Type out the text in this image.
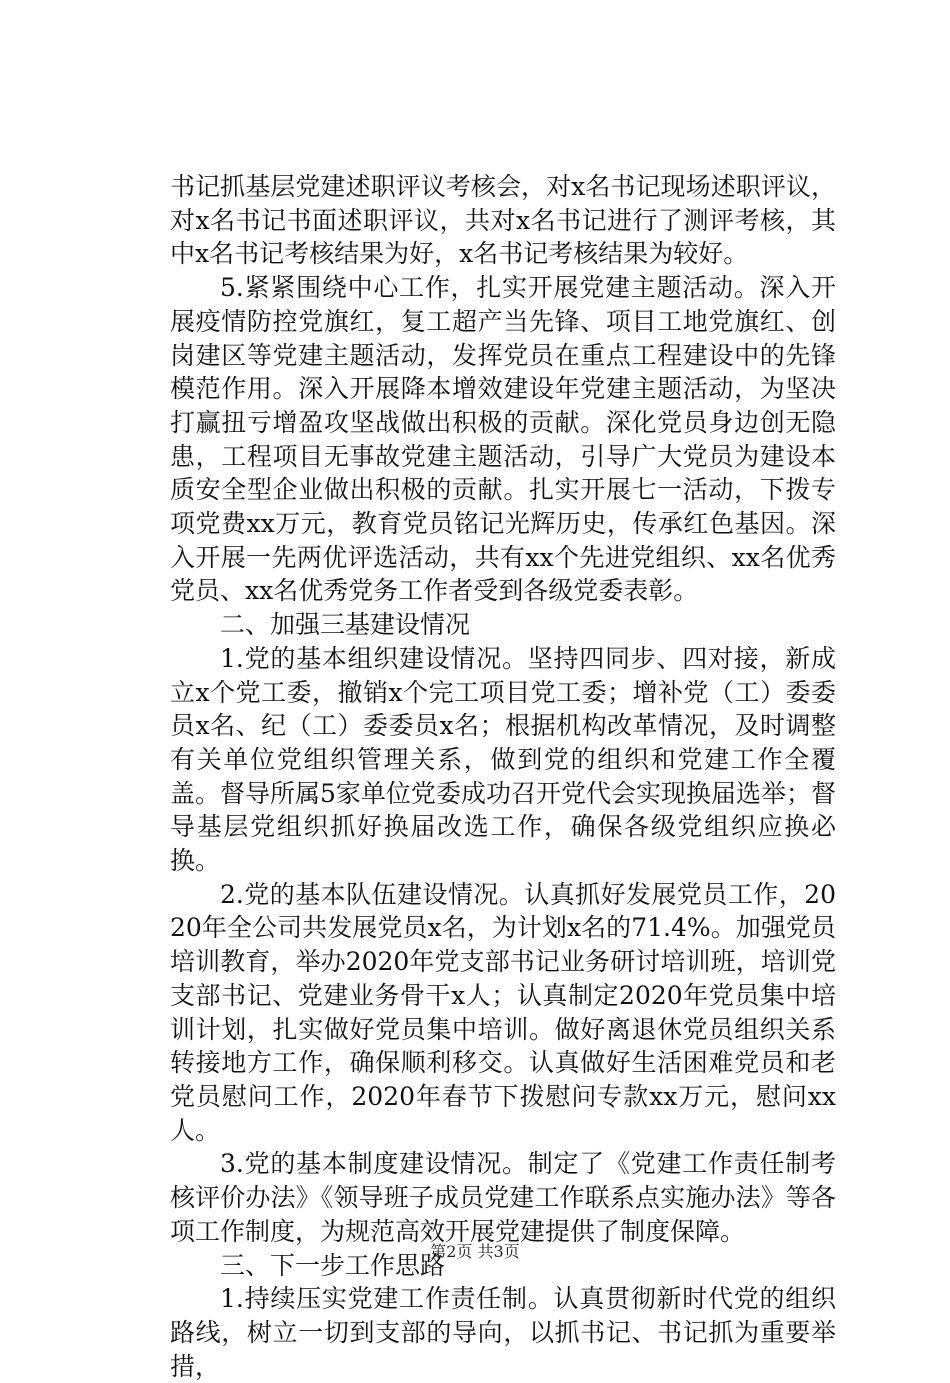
书记抓基层党建述职评议考核会，对x名书记现场述职评议，对x名书记书面述职评议，共对x名书记进行了测评考核，其中x名书记考核结果为好，x名书记考核结果为较好。

5.紧紧围绕中心工作，扎实开展党建主题活动。深入开展疫情防控党旗红，复工超产当先锋、项目工地党旗红、创岗建区等党建主题活动，发挥党员在重点工程建设中的先锋模范作用。深入开展降本增效建设年党建主题活动，为坚决打赢扭亏增盈攻坚战做出积极的贡献。深化党员身边创无隐患，工程项目无事故党建主题活动，引导广大党员为建设本质安全型企业做出积极的贡献。扎实开展七一活动，下拨专项党费xx万元，教育党员铭记光辉历史，传承红色基因。深入开展一先两优评选活动，共有xx个先进党组织、xx名优秀党员、xx名优秀党务工作者受到各级党委表彰。

二、加强三基建设情况

1.党的基本组织建设情况。坚持四同步、四对接，新成立x个党工委，撤销x个完工项目党工委；增补党（工）委委员x名、纪（工）委委员x名；根据机构改革情况，及时调整有关单位党组织管理关系，做到党的组织和党建工作全覆盖。督导所属5家单位党委成功召开党代会实现换届选举；督导基层党组织抓好换届改选工作，确保各级党组织应换必换。

2.党的基本队伍建设情况。认真抓好发展党员工作，2020年全公司共发展党员x名，为计划x名的71.4%。加强党员培训教育，举办2020年党支部书记业务研讨培训班，培训党支部书记、党建业务骨干x人；认真制定2020年党员集中培训计划，扎实做好党员集中培训。做好离退休党员组织关系转接地方工作，确保顺利移交。认真做好生活困难党员和老党员慰问工作，2020年春节下拨慰问专款xx万元，慰问xx人。

3.党的基本制度建设情况。制定了《党建工作责任制考核评价办法》《领导班子成员党建工作联系点实施办法》等各项工作制度，为规范高效开展党建提供了制度保障。

三、下一步工作思路

1.持续压实党建工作责任制。认真贯彻新时代党的组织路线，树立一切到支部的导向，以抓书记、书记抓为重要举措，

第2页 共3页
